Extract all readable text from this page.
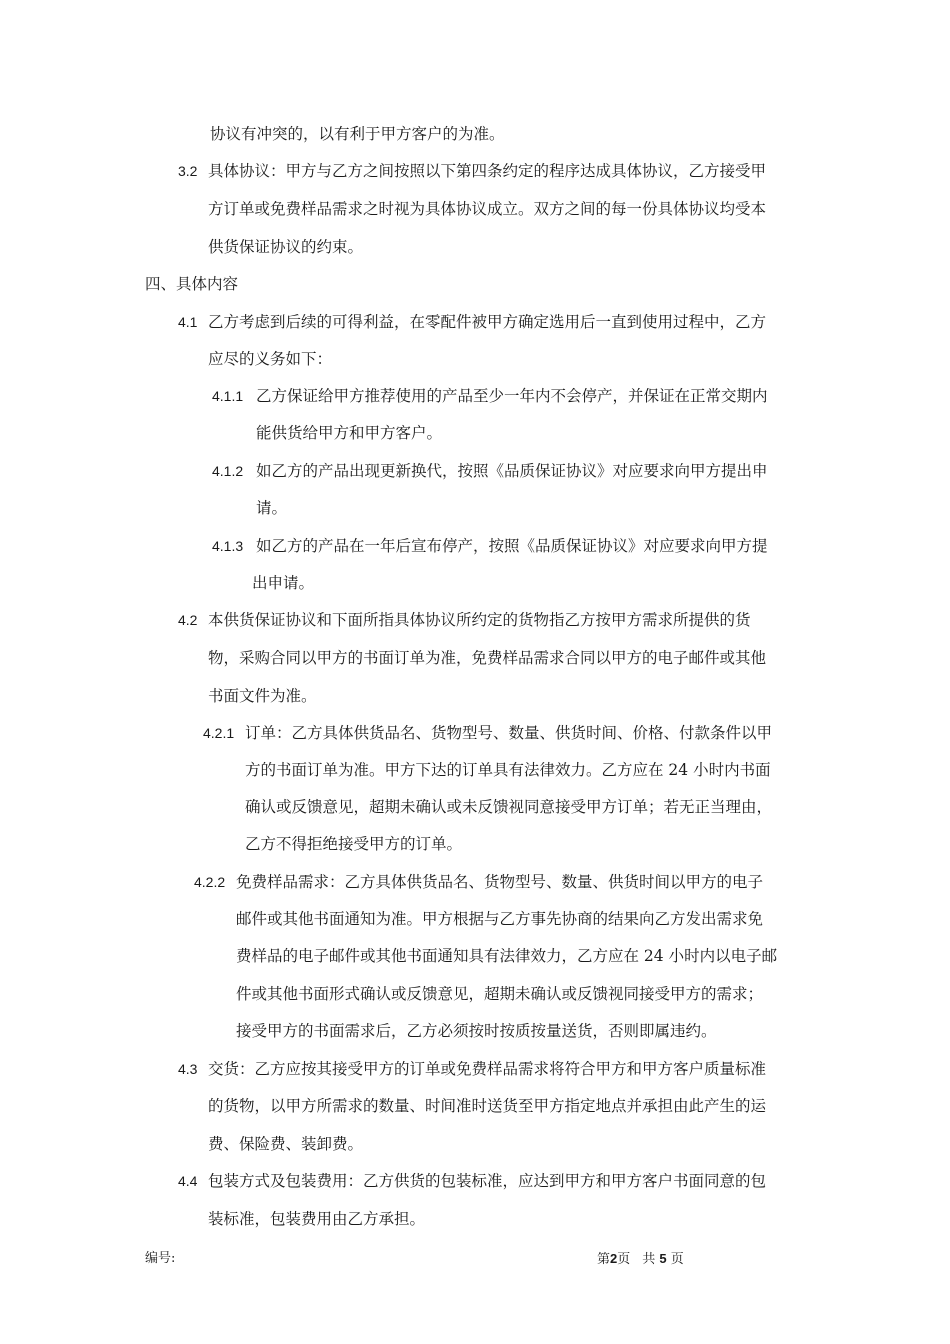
协议有冲突的，以有利于甲方客户的为准。
3.2 具体协议：甲方与乙方之间按照以下第四条约定的程序达成具体协议，乙方接受甲
方订单或免费样品需求之时视为具体协议成立。双方之间的每一份具体协议均受本
供货保证协议的约束。
四、具体内容
4.1 乙方考虑到后续的可得利益，在零配件被甲方确定选用后一直到使用过程中，乙方
应尽的义务如下：
4.1.1 乙方保证给甲方推荐使用的产品至少一年内不会停产，并保证在正常交期内
能供货给甲方和甲方客户。
4.1.2 如乙方的产品出现更新换代，按照《品质保证协议》对应要求向甲方提出申
请。
4.1.3 如乙方的产品在一年后宣布停产，按照《品质保证协议》对应要求向甲方提
出申请。
4.2 本供货保证协议和下面所指具体协议所约定的货物指乙方按甲方需求所提供的货
物，采购合同以甲方的书面订单为准，免费样品需求合同以甲方的电子邮件或其他
书面文件为准。
4.2.1 订单：乙方具体供货品名、货物型号、数量、供货时间、价格、付款条件以甲
方的书面订单为准。甲方下达的订单具有法律效力。乙方应在 24 小时内书面
确认或反馈意见，超期未确认或未反馈视同意接受甲方订单；若无正当理由，
乙方不得拒绝接受甲方的订单。
4.2.2 免费样品需求：乙方具体供货品名、货物型号、数量、供货时间以甲方的电子
邮件或其他书面通知为准。甲方根据与乙方事先协商的结果向乙方发出需求免
费样品的电子邮件或其他书面通知具有法律效力，乙方应在 24 小时内以电子邮
件或其他书面形式确认或反馈意见，超期未确认或反馈视同接受甲方的需求；
接受甲方的书面需求后，乙方必须按时按质按量送货，否则即属违约。
4.3 交货：乙方应按其接受甲方的订单或免费样品需求将符合甲方和甲方客户质量标准
的货物，以甲方所需求的数量、时间准时送货至甲方指定地点并承担由此产生的运
费、保险费、装卸费。
4.4 包装方式及包装费用：乙方供货的包装标准，应达到甲方和甲方客户书面同意的包
装标准，包装费用由乙方承担。
编号:	第2页 共 5 页
